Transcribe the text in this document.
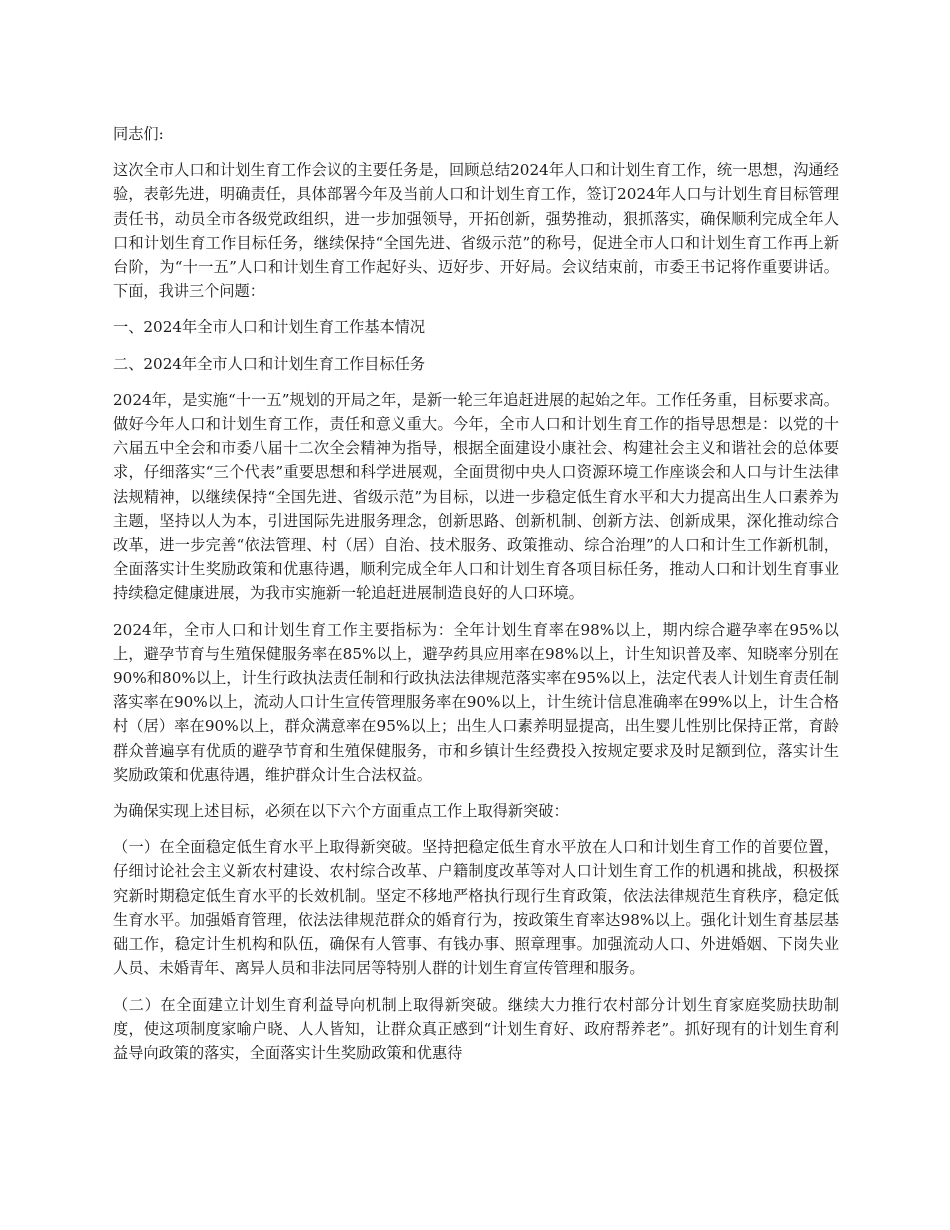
同志们:

这次全市人口和计划生育工作会议的主要任务是，回顾总结2024年人口和计划生育工作，统一思想，沟通经验，表彰先进，明确责任，具体部署今年及当前人口和计划生育工作，签订2024年人口与计划生育目标管理责任书，动员全市各级党政组织，进一步加强领导，开拓创新，强势推动，狠抓落实，确保顺利完成全年人口和计划生育工作目标任务，继续保持“全国先进、省级示范”的称号，促进全市人口和计划生育工作再上新台阶，为“十一五”人口和计划生育工作起好头、迈好步、开好局。会议结束前，市委王书记将作重要讲话。下面，我讲三个问题：

一、2024年全市人口和计划生育工作基本情况

二、2024年全市人口和计划生育工作目标任务

2024年，是实施“十一五”规划的开局之年，是新一轮三年追赶进展的起始之年。工作任务重，目标要求高。做好今年人口和计划生育工作，责任和意义重大。今年，全市人口和计划生育工作的指导思想是：以党的十六届五中全会和市委八届十二次全会精神为指导，根据全面建设小康社会、构建社会主义和谐社会的总体要求，仔细落实“三个代表”重要思想和科学进展观，全面贯彻中央人口资源环境工作座谈会和人口与计生法律法规精神，以继续保持“全国先进、省级示范”为目标，以进一步稳定低生育水平和大力提高出生人口素养为主题，坚持以人为本，引进国际先进服务理念，创新思路、创新机制、创新方法、创新成果，深化推动综合改革，进一步完善“依法管理、村（居）自治、技术服务、政策推动、综合治理”的人口和计生工作新机制，全面落实计生奖励政策和优惠待遇，顺利完成全年人口和计划生育各项目标任务，推动人口和计划生育事业持续稳定健康进展，为我市实施新一轮追赶进展制造良好的人口环境。

2024年，全市人口和计划生育工作主要指标为：全年计划生育率在98%以上，期内综合避孕率在95%以上，避孕节育与生殖保健服务率在85%以上，避孕药具应用率在98%以上，计生知识普及率、知晓率分别在90%和80%以上，计生行政执法责任制和行政执法法律规范落实率在95%以上，法定代表人计划生育责任制落实率在90%以上，流动人口计生宣传管理服务率在90%以上，计生统计信息准确率在99%以上，计生合格村（居）率在90%以上，群众满意率在95%以上；出生人口素养明显提高，出生婴儿性别比保持正常，育龄群众普遍享有优质的避孕节育和生殖保健服务，市和乡镇计生经费投入按规定要求及时足额到位，落实计生奖励政策和优惠待遇，维护群众计生合法权益。

为确保实现上述目标，必须在以下六个方面重点工作上取得新突破：

（一）在全面稳定低生育水平上取得新突破。坚持把稳定低生育水平放在人口和计划生育工作的首要位置，仔细讨论社会主义新农村建设、农村综合改革、户籍制度改革等对人口计划生育工作的机遇和挑战，积极探究新时期稳定低生育水平的长效机制。坚定不移地严格执行现行生育政策，依法法律规范生育秩序，稳定低生育水平。加强婚育管理，依法法律规范群众的婚育行为，按政策生育率达98%以上。强化计划生育基层基础工作，稳定计生机构和队伍，确保有人管事、有钱办事、照章理事。加强流动人口、外进婚姻、下岗失业人员、未婚青年、离异人员和非法同居等特别人群的计划生育宣传管理和服务。

（二）在全面建立计划生育利益导向机制上取得新突破。继续大力推行农村部分计划生育家庭奖励扶助制度，使这项制度家喻户晓、人人皆知，让群众真正感到“计划生育好、政府帮养老”。抓好现有的计划生育利益导向政策的落实，全面落实计生奖励政策和优惠待
